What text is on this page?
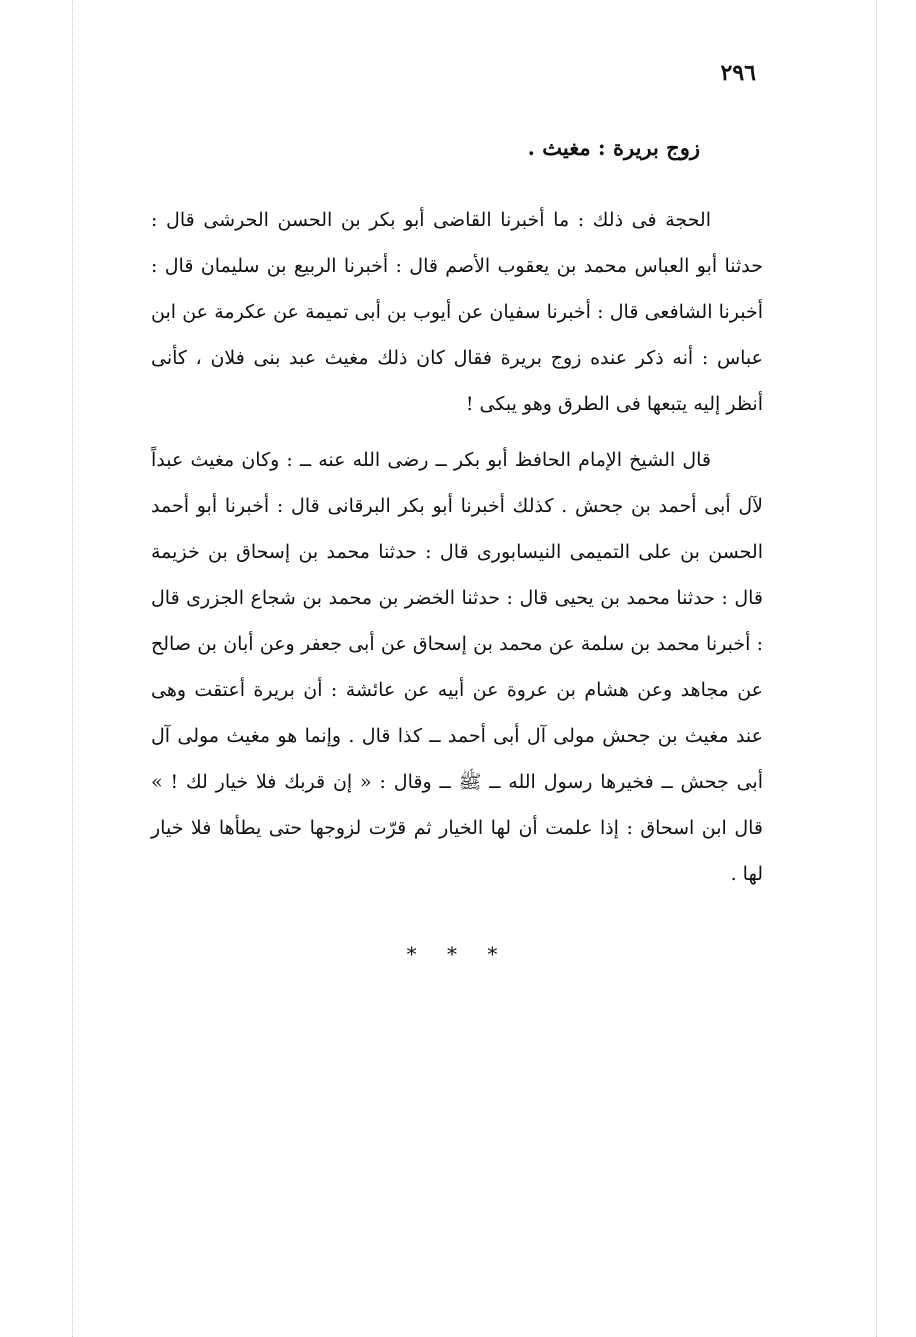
٢٩٦
زوج بريرة : مغيث .

الحجة فى ذلك : ما أخبرنا القاضى أبو بكر بن الحسن الحرشى قال : حدثنا أبو العباس محمد بن يعقوب الأصم قال : أخبرنا الربيع بن سليمان قال : أخبرنا الشافعى قال : أخبرنا سفيان عن أيوب بن أبى تميمة عن عكرمة عن ابن عباس : أنه ذكر عنده زوج بريرة فقال كان ذلك مغيث عبد بنى فلان ، كأنى أنظر إليه يتبعها فى الطرق وهو يبكى !

قال الشيخ الإمام الحافظ أبو بكر ــ رضى الله عنه ــ : وكان مغيث عبداً لآل أبى أحمد بن جحش . كذلك أخبرنا أبو بكر البرقانى قال : أخبرنا أبو أحمد الحسن بن على التميمى النيسابورى قال : حدثنا محمد بن إسحاق بن خزيمة قال : حدثنا محمد بن يحيى قال : حدثنا الخضر بن محمد بن شجاع الجزرى قال : أخبرنا محمد بن سلمة عن محمد بن إسحاق عن أبى جعفر وعن أبان بن صالح عن مجاهد وعن هشام بن عروة عن أبيه عن عائشة : أن بريرة أعتقت وهى عند مغيث بن جحش مولى آل أبى أحمد ــ كذا قال . وإنما هو مغيث مولى آل أبى جحش ــ فخيرها رسول الله ــ ﷺ ــ وقال : « إن قربك فلا خيار لك ! » قال ابن اسحاق : إذا علمت أن لها الخيار ثم قرّت لزوجها حتى يطأها فلا خيار لها .

* * *
